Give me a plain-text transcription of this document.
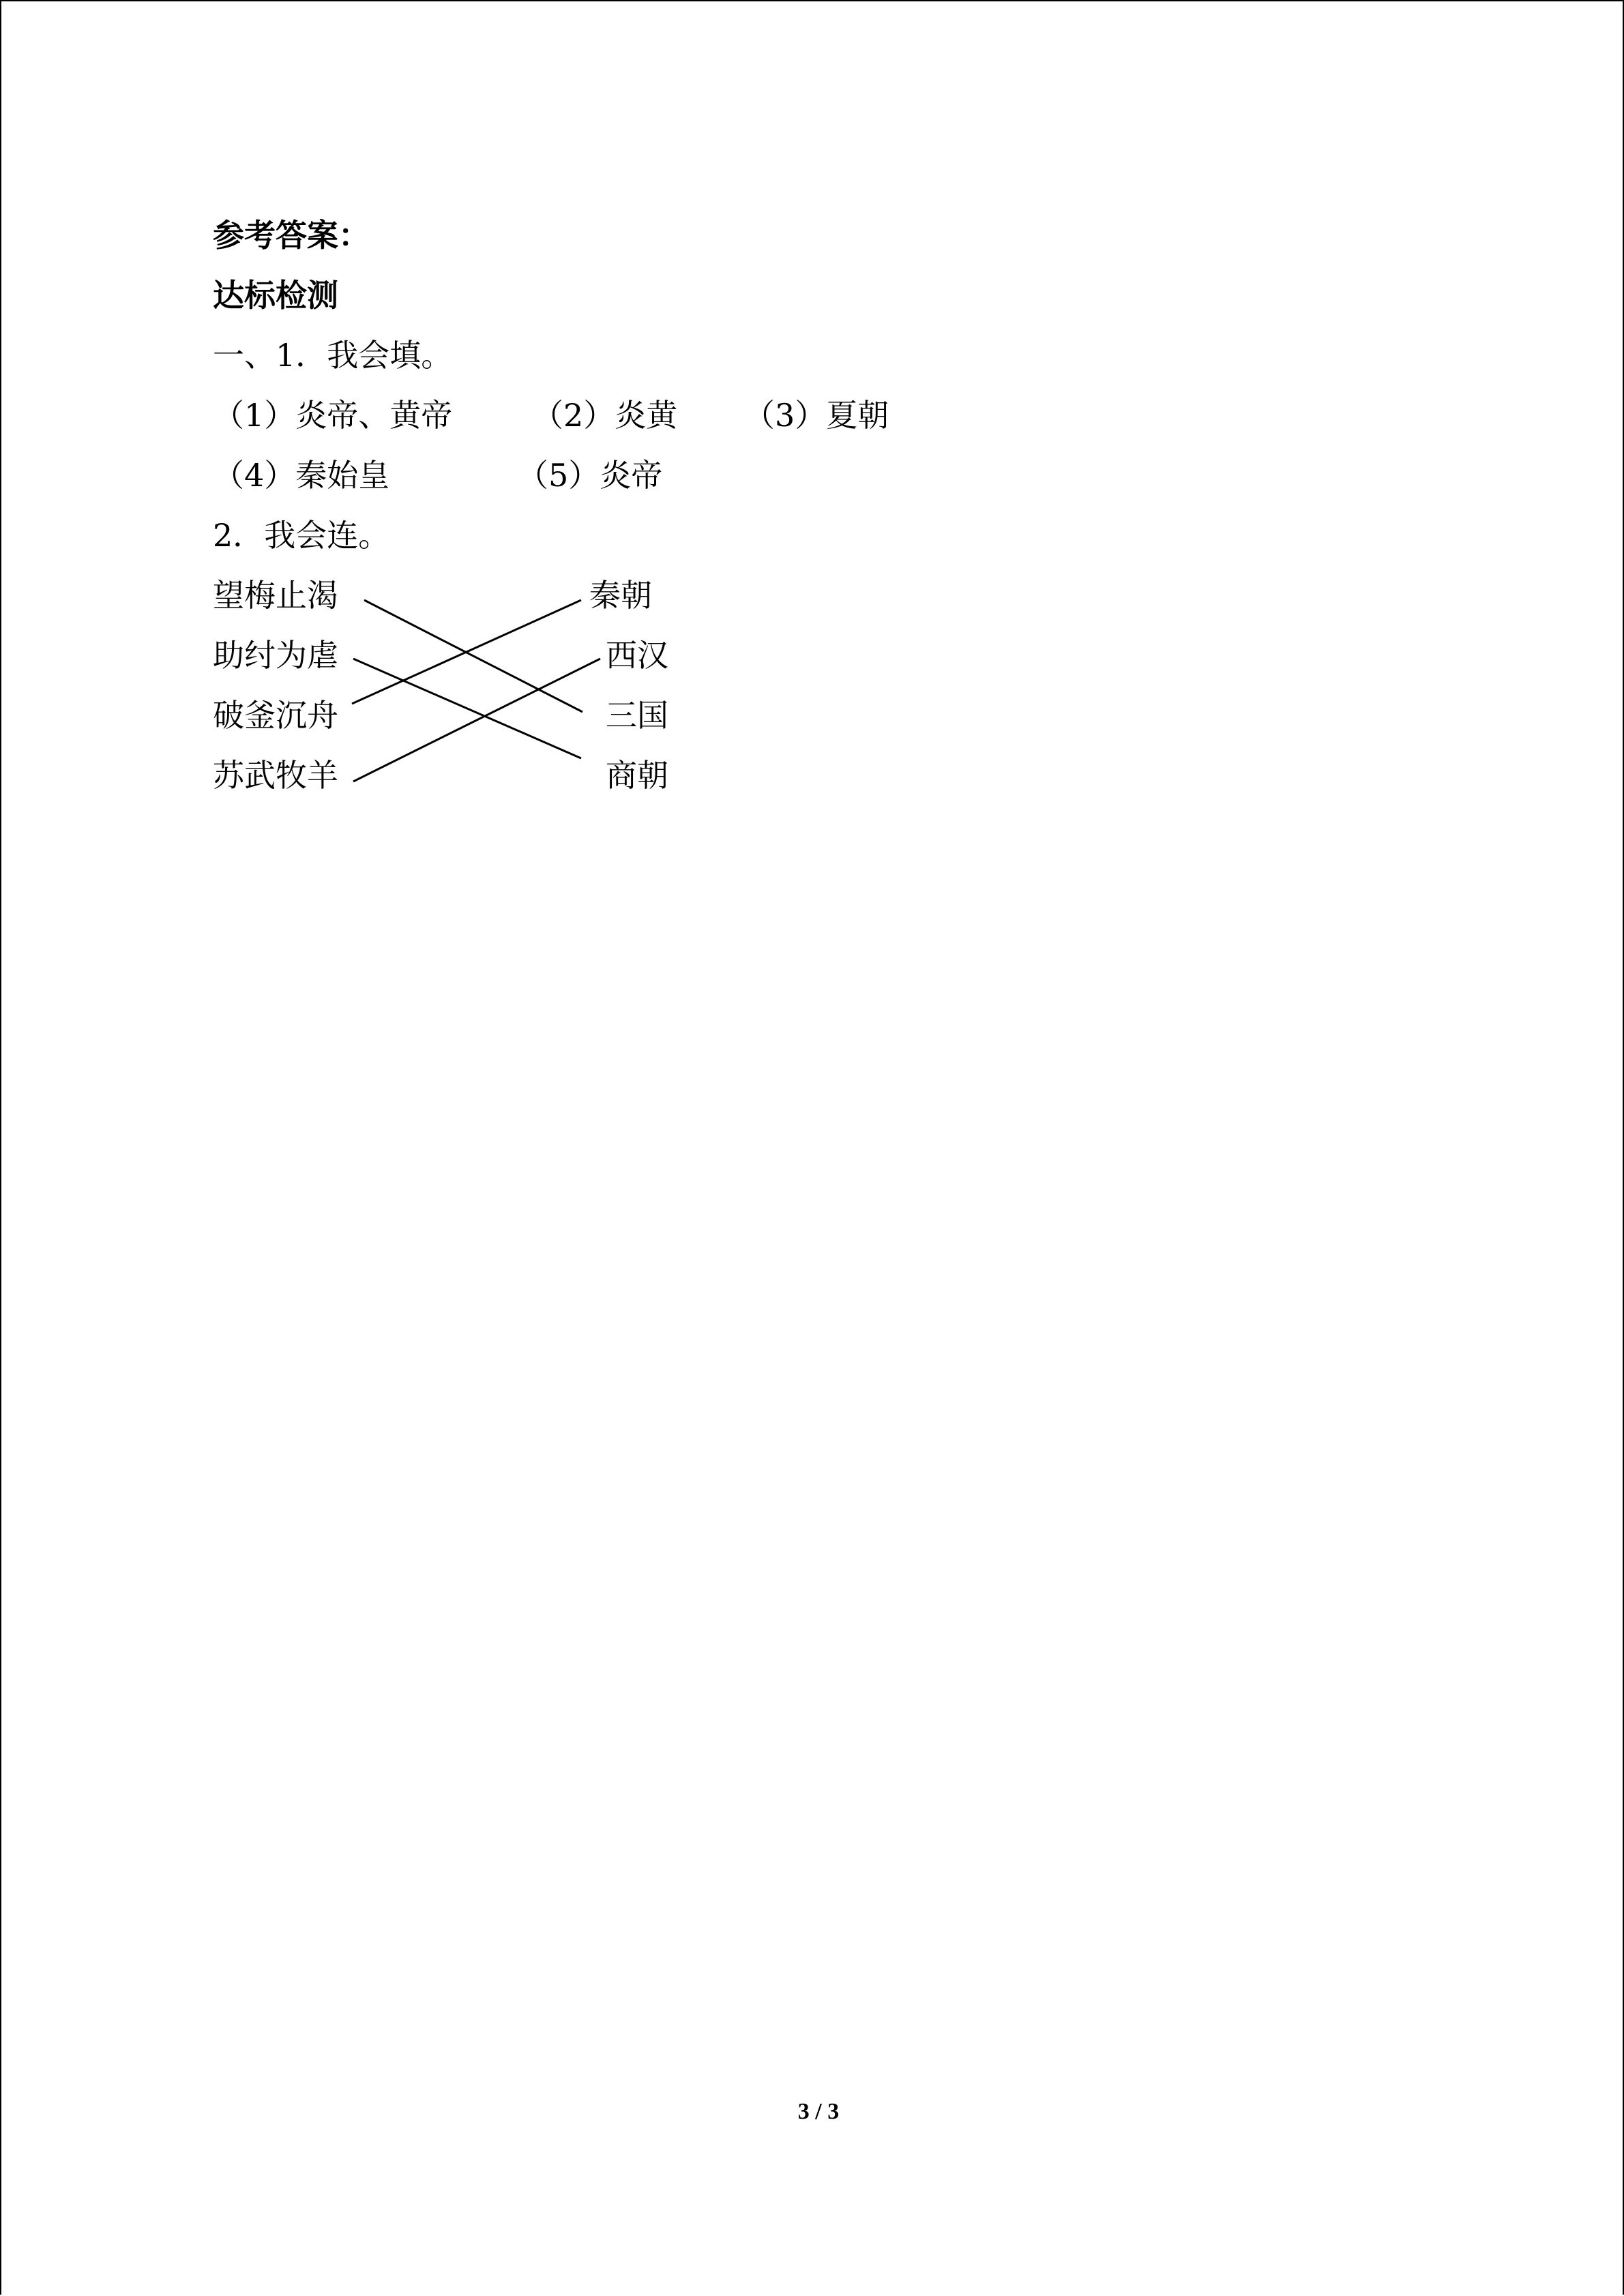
参考答案：
达标检测
一、1．我会填。
（1）炎帝、黄帝	（2）炎黄 （3）夏朝
（4）秦始皇	（5）炎帝
2．我会连。
望梅止渴
助纣为虐
破釜沉舟
苏武牧羊
秦朝
西汉
三国
商朝
3 / 3
